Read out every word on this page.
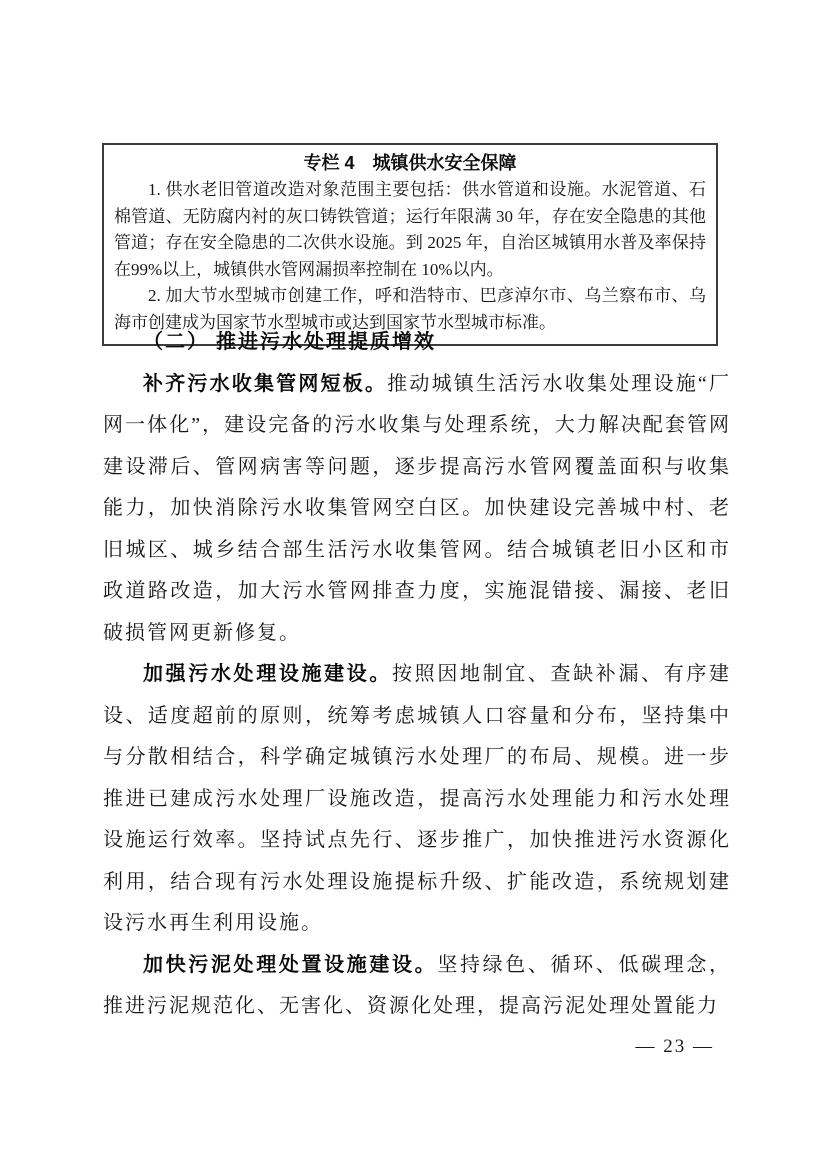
专栏 4　城镇供水安全保障

1. 供水老旧管道改造对象范围主要包括：供水管道和设施。水泥管道、石棉管道、无防腐内衬的灰口铸铁管道；运行年限满 30 年，存在安全隐患的其他管道；存在安全隐患的二次供水设施。到 2025 年，自治区城镇用水普及率保持在99%以上，城镇供水管网漏损率控制在 10%以内。

2. 加大节水型城市创建工作，呼和浩特市、巴彦淖尔市、乌兰察布市、乌海市创建成为国家节水型城市或达到国家节水型城市标准。

（二） 推进污水处理提质增效

补齐污水收集管网短板。推动城镇生活污水收集处理设施“厂网一体化”，建设完备的污水收集与处理系统，大力解决配套管网建设滞后、管网病害等问题，逐步提高污水管网覆盖面积与收集能力，加快消除污水收集管网空白区。加快建设完善城中村、老旧城区、城乡结合部生活污水收集管网。结合城镇老旧小区和市政道路改造，加大污水管网排查力度，实施混错接、漏接、老旧破损管网更新修复。

加强污水处理设施建设。按照因地制宜、查缺补漏、有序建设、适度超前的原则，统筹考虑城镇人口容量和分布，坚持集中与分散相结合，科学确定城镇污水处理厂的布局、规模。进一步推进已建成污水处理厂设施改造，提高污水处理能力和污水处理设施运行效率。坚持试点先行、逐步推广，加快推进污水资源化利用，结合现有污水处理设施提标升级、扩能改造，系统规划建设污水再生利用设施。

加快污泥处理处置设施建设。坚持绿色、循环、低碳理念，推进污泥规范化、无害化、资源化处理，提高污泥处理处置能力

— 23 —
